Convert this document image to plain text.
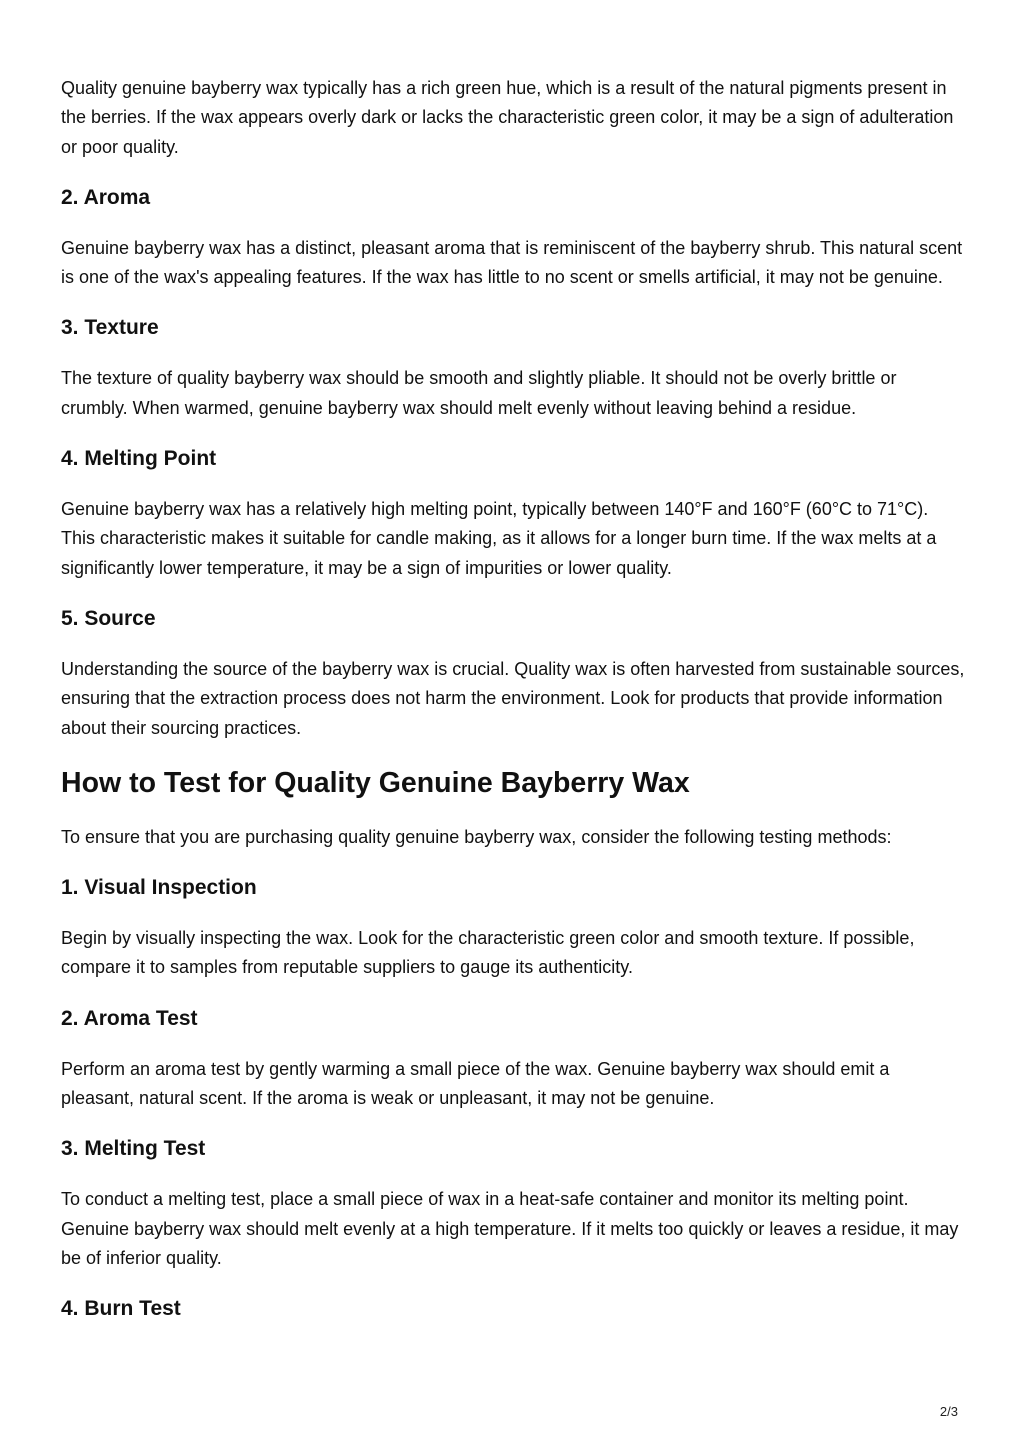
Quality genuine bayberry wax typically has a rich green hue, which is a result of the natural pigments present in the berries. If the wax appears overly dark or lacks the characteristic green color, it may be a sign of adulteration or poor quality.

2. Aroma

Genuine bayberry wax has a distinct, pleasant aroma that is reminiscent of the bayberry shrub. This natural scent is one of the wax's appealing features. If the wax has little to no scent or smells artificial, it may not be genuine.

3. Texture

The texture of quality bayberry wax should be smooth and slightly pliable. It should not be overly brittle or crumbly. When warmed, genuine bayberry wax should melt evenly without leaving behind a residue.

4. Melting Point

Genuine bayberry wax has a relatively high melting point, typically between 140°F and 160°F (60°C to 71°C). This characteristic makes it suitable for candle making, as it allows for a longer burn time. If the wax melts at a significantly lower temperature, it may be a sign of impurities or lower quality.

5. Source

Understanding the source of the bayberry wax is crucial. Quality wax is often harvested from sustainable sources, ensuring that the extraction process does not harm the environment. Look for products that provide information about their sourcing practices.

How to Test for Quality Genuine Bayberry Wax

To ensure that you are purchasing quality genuine bayberry wax, consider the following testing methods:

1. Visual Inspection

Begin by visually inspecting the wax. Look for the characteristic green color and smooth texture. If possible, compare it to samples from reputable suppliers to gauge its authenticity.

2. Aroma Test

Perform an aroma test by gently warming a small piece of the wax. Genuine bayberry wax should emit a pleasant, natural scent. If the aroma is weak or unpleasant, it may not be genuine.

3. Melting Test

To conduct a melting test, place a small piece of wax in a heat-safe container and monitor its melting point. Genuine bayberry wax should melt evenly at a high temperature. If it melts too quickly or leaves a residue, it may be of inferior quality.

4. Burn Test
2/3
